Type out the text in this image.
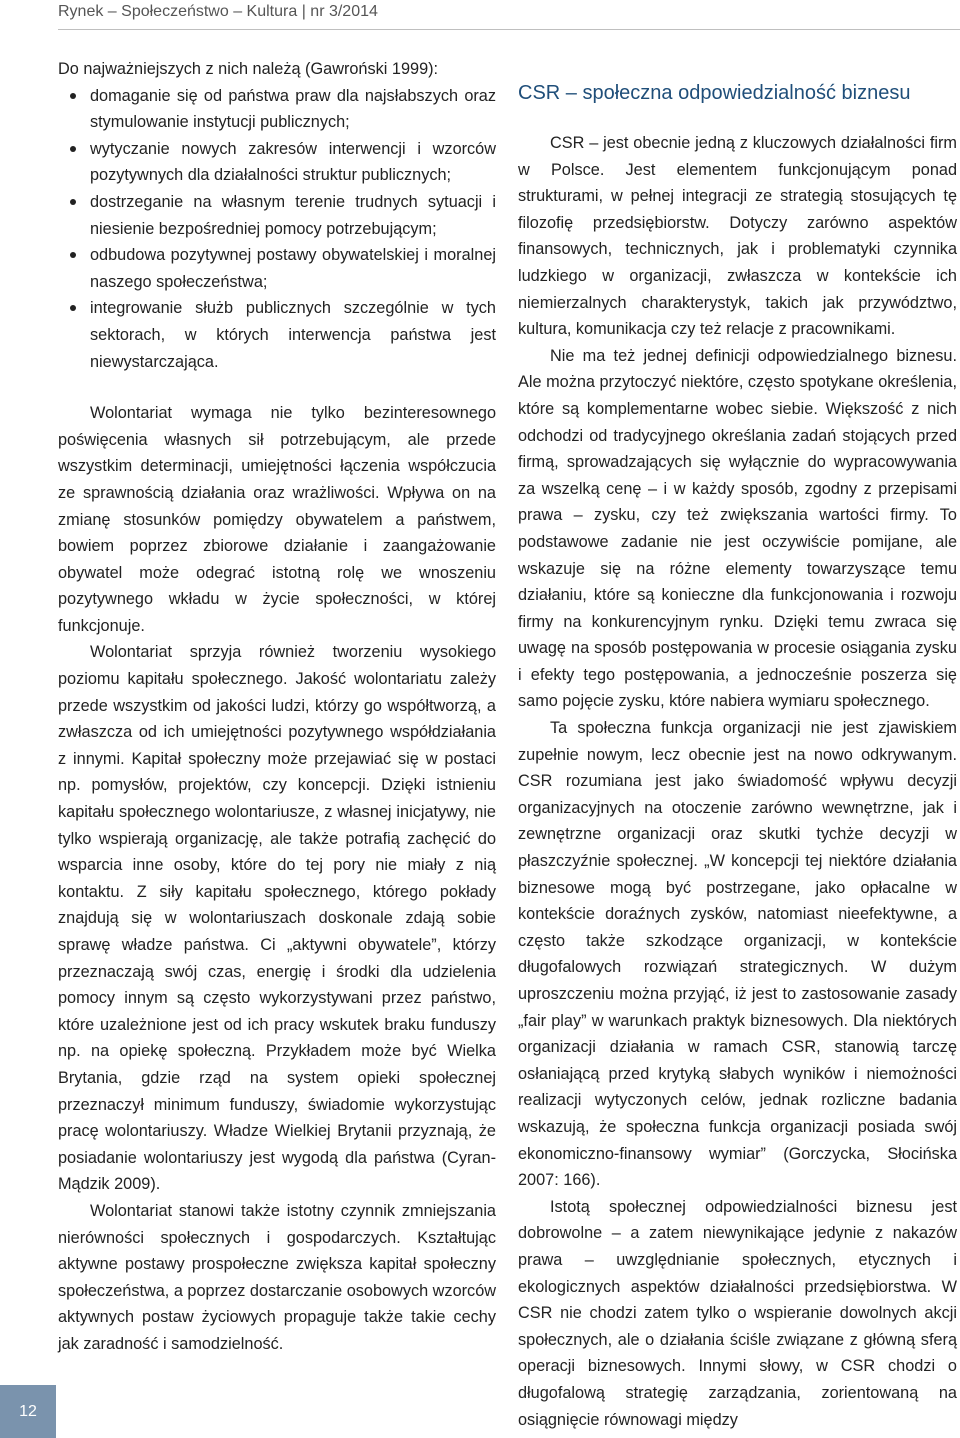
Rynek – Społeczeństwo – Kultura | nr 3/2014

Do najważniejszych z nich należą (Gawroński 1999):

domaganie się od państwa praw dla najsłabszych oraz stymulowanie instytucji publicznych;
wytyczanie nowych zakresów interwencji i wzorców pozytywnych dla działalności struktur publicznych;
dostrzeganie na własnym terenie trudnych sytuacji i niesienie bezpośredniej pomocy potrzebującym;
odbudowa pozytywnej postawy obywatelskiej i moralnej naszego społeczeństwa;
integrowanie służb publicznych szczególnie w tych sektorach, w których interwencja państwa jest niewystarczająca.

Wolontariat wymaga nie tylko bezinteresownego poświęcenia własnych sił potrzebującym, ale przede wszystkim determinacji, umiejętności łączenia współczucia ze sprawnością działania oraz wrażliwości. Wpływa on na zmianę stosunków pomiędzy obywatelem a państwem, bowiem poprzez zbiorowe działanie i zaangażowanie obywatel może odegrać istotną rolę we wnoszeniu pozytywnego wkładu w życie społeczności, w której funkcjonuje.

Wolontariat sprzyja również tworzeniu wysokiego poziomu kapitału społecznego. Jakość wolontariatu zależy przede wszystkim od jakości ludzi, którzy go współtworzą, a zwłaszcza od ich umiejętności pozytywnego współdziałania z innymi. Kapitał społeczny może przejawiać się w postaci np. pomysłów, projektów, czy koncepcji. Dzięki istnieniu kapitału społecznego wolontariusze, z własnej inicjatywy, nie tylko wspierają organizację, ale także potrafią zachęcić do wsparcia inne osoby, które do tej pory nie miały z nią kontaktu. Z siły kapitału społecznego, którego pokłady znajdują się w wolontariuszach doskonale zdają sobie sprawę władze państwa. Ci „aktywni obywatele”, którzy przeznaczają swój czas, energię i środki dla udzielenia pomocy innym są często wykorzystywani przez państwo, które uzależnione jest od ich pracy wskutek braku funduszy np. na opiekę społeczną. Przykładem może być Wielka Brytania, gdzie rząd na system opieki społecznej przeznaczył minimum funduszy, świadomie wykorzystując pracę wolontariuszy. Władze Wielkiej Brytanii przyznają, że posiadanie wolontariuszy jest wygodą dla państwa (Cyran-Mądzik 2009).

Wolontariat stanowi także istotny czynnik zmniejszania nierówności społecznych i gospodarczych. Kształtując aktywne postawy prospołeczne zwiększa kapitał społeczny społeczeństwa, a poprzez dostarczanie osobowych wzorców aktywnych postaw życiowych propaguje także takie cechy jak zaradność i samodzielność.

CSR – społeczna odpowiedzialność biznesu

CSR – jest obecnie jedną z kluczowych działalności firm w Polsce. Jest elementem funkcjonującym ponad strukturami, w pełnej integracji ze strategią stosujących tę filozofię przedsiębiorstw. Dotyczy zarówno aspektów finansowych, technicznych, jak i problematyki czynnika ludzkiego w organizacji, zwłaszcza w kontekście ich niemierzalnych charakterystyk, takich jak przywództwo, kultura, komunikacja czy też relacje z pracownikami.

Nie ma też jednej definicji odpowiedzialnego biznesu. Ale można przytoczyć niektóre, często spotykane określenia, które są komplementarne wobec siebie. Większość z nich odchodzi od tradycyjnego określania zadań stojących przed firmą, sprowadzających się wyłącznie do wypracowywania za wszelką cenę – i w każdy sposób, zgodny z przepisami prawa – zysku, czy też zwiększania wartości firmy. To podstawowe zadanie nie jest oczywiście pomijane, ale wskazuje się na różne elementy towarzyszące temu działaniu, które są konieczne dla funkcjonowania i rozwoju firmy na konkurencyjnym rynku. Dzięki temu zwraca się uwagę na sposób postępowania w procesie osiągania zysku i efekty tego postępowania, a jednocześnie poszerza się samo pojęcie zysku, które nabiera wymiaru społecznego.

Ta społeczna funkcja organizacji nie jest zjawiskiem zupełnie nowym, lecz obecnie jest na nowo odkrywanym. CSR rozumiana jest jako świadomość wpływu decyzji organizacyjnych na otoczenie zarówno wewnętrzne, jak i zewnętrzne organizacji oraz skutki tychże decyzji w płaszczyźnie społecznej. „W koncepcji tej niektóre działania biznesowe mogą być postrzegane, jako opłacalne w kontekście doraźnych zysków, natomiast nieefektywne, a często także szkodzące organizacji, w kontekście długofalowych rozwiązań strategicznych. W dużym uproszczeniu można przyjąć, iż jest to zastosowanie zasady „fair play” w warunkach praktyk biznesowych. Dla niektórych organizacji działania w ramach CSR, stanowią tarczę osłaniającą przed krytyką słabych wyników i niemożności realizacji wytyczonych celów, jednak rozliczne badania wskazują, że społeczna funkcja organizacji posiada swój ekonomiczno-finansowy wymiar” (Gorczycka, Słocińska 2007: 166).

Istotą społecznej odpowiedzialności biznesu jest dobrowolne – a zatem niewynikające jedynie z nakazów prawa – uwzględnianie społecznych, etycznych i ekologicznych aspektów działalności przedsiębiorstwa. W CSR nie chodzi zatem tylko o wspieranie dowolnych akcji społecznych, ale o działania ściśle związane z główną sferą operacji biznesowych. Innymi słowy, w CSR chodzi o długofalową strategię zarządzania, zorientowaną na osiągnięcie równowagi między

12
